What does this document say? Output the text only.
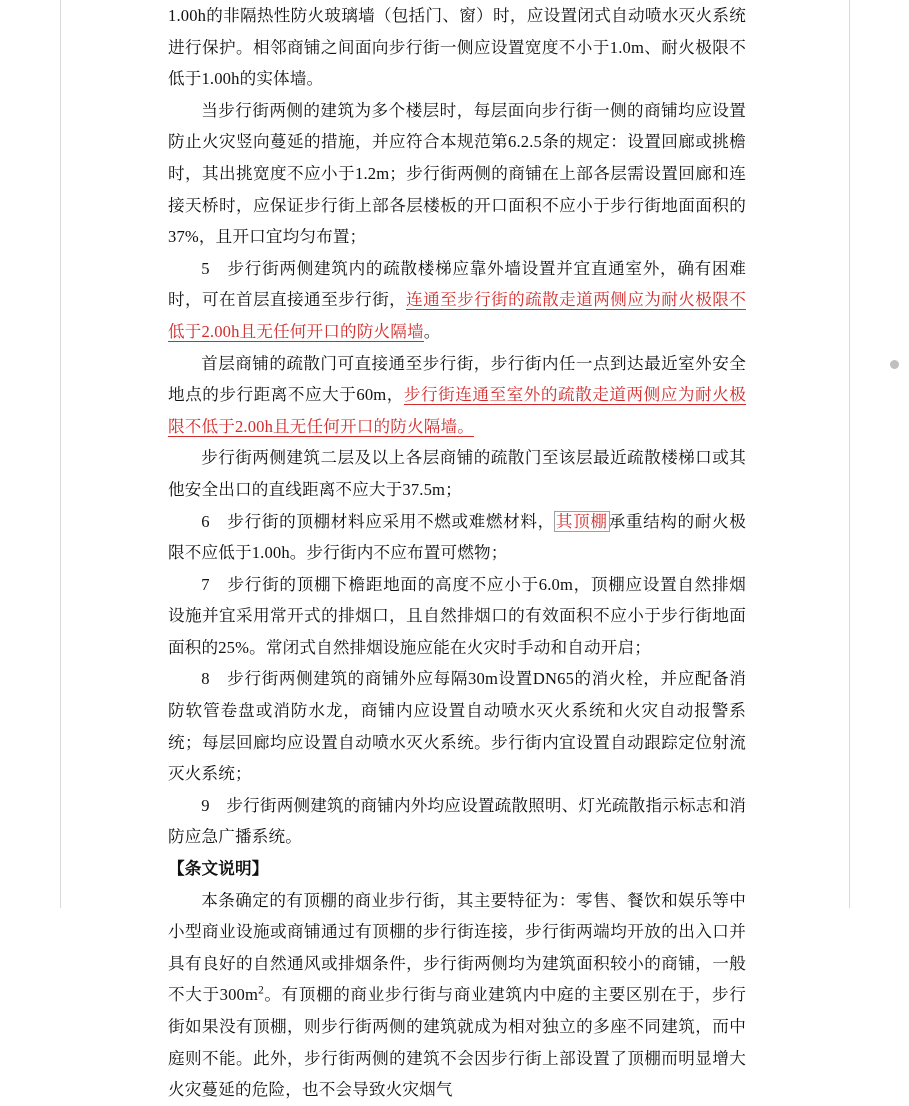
1.00h的非隔热性防火玻璃墙（包括门、窗）时，应设置闭式自动喷水灭火系统进行保护。相邻商铺之间面向步行街一侧应设置宽度不小于1.0m、耐火极限不低于1.00h的实体墙。

当步行街两侧的建筑为多个楼层时，每层面向步行街一侧的商铺均应设置防止火灾竖向蔓延的措施，并应符合本规范第6.2.5条的规定：设置回廊或挑檐时，其出挑宽度不应小于1.2m；步行街两侧的商铺在上部各层需设置回廊和连接天桥时，应保证步行街上部各层楼板的开口面积不应小于步行街地面面积的37%，且开口宜均匀布置；

5　步行街两侧建筑内的疏散楼梯应靠外墙设置并宜直通室外，确有困难时，可在首层直接通至步行街，连通至步行街的疏散走道两侧应为耐火极限不低于2.00h且无任何开口的防火隔墙。

首层商铺的疏散门可直接通至步行街，步行街内任一点到达最近室外安全地点的步行距离不应大于60m，步行街连通至室外的疏散走道两侧应为耐火极限不低于2.00h且无任何开口的防火隔墙。

步行街两侧建筑二层及以上各层商铺的疏散门至该层最近疏散楼梯口或其他安全出口的直线距离不应大于37.5m；

6　步行街的顶棚材料应采用不燃或难燃材料，其顶棚承重结构的耐火极限不应低于1.00h。步行街内不应布置可燃物；

7　步行街的顶棚下檐距地面的高度不应小于6.0m，顶棚应设置自然排烟设施并宜采用常开式的排烟口，且自然排烟口的有效面积不应小于步行街地面面积的25%。常闭式自然排烟设施应能在火灾时手动和自动开启；

8　步行街两侧建筑的商铺外应每隔30m设置DN65的消火栓，并应配备消防软管卷盘或消防水龙，商铺内应设置自动喷水灭火系统和火灾自动报警系统；每层回廊均应设置自动喷水灭火系统。步行街内宜设置自动跟踪定位射流灭火系统；

9　步行街两侧建筑的商铺内外均应设置疏散照明、灯光疏散指示标志和消防应急广播系统。

【条文说明】

本条确定的有顶棚的商业步行街，其主要特征为：零售、餐饮和娱乐等中小型商业设施或商铺通过有顶棚的步行街连接，步行街两端均开放的出入口并具有良好的自然通风或排烟条件，步行街两侧均为建筑面积较小的商铺，一般不大于$300m^2$。有顶棚的商业步行街与商业建筑内中庭的主要区别在于，步行街如果没有顶棚，则步行街两侧的建筑就成为相对独立的多座不同建筑，而中庭则不能。此外，步行街两侧的建筑不会因步行街上部设置了顶棚而明显增大火灾蔓延的危险，也不会导致火灾烟气
